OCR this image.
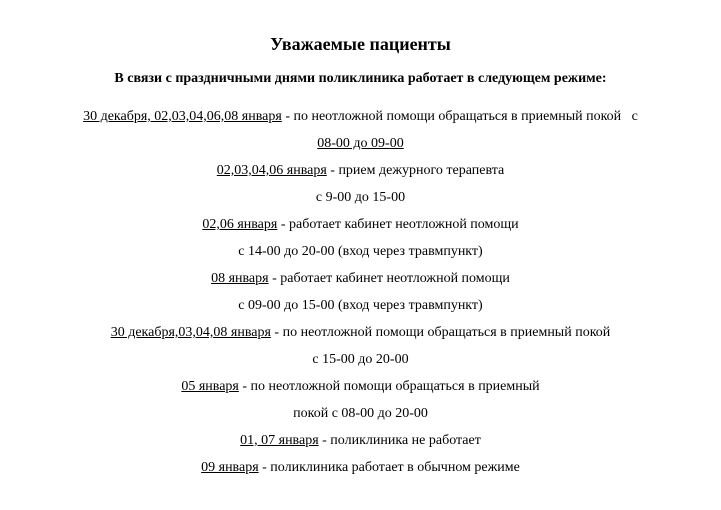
Уважаемые пациенты
В связи с праздничными днями поликлиника работает в следующем режиме:
30 декабря, 02,03,04,06,08 января - по неотложной помощи обращаться в приемный покой   с
08-00 до 09-00
02,03,04,06 января - прием дежурного терапевта
с 9-00 до 15-00
02,06 января - работает кабинет неотложной помощи
с 14-00 до 20-00 (вход через травмпункт)
08 января - работает кабинет неотложной помощи
с 09-00 до 15-00 (вход через травмпункт)
30 декабря,03,04,08 января - по неотложной помощи обращаться в приемный покой
с 15-00 до 20-00
05 января - по неотложной помощи обращаться в приемный
покой с 08-00 до 20-00
01, 07 января - поликлиника не работает
09 января - поликлиника работает в обычном режиме
